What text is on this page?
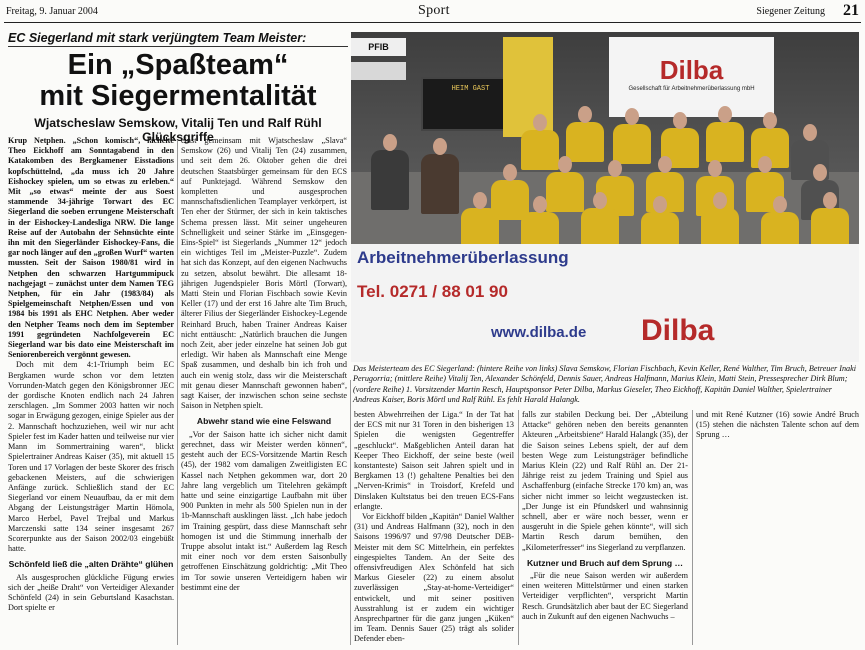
Freitag, 9. Januar 2004	Sport	Siegener Zeitung 21
EC Siegerland mit stark verjüngtem Team Meister:
Ein „Spaßteam“
mit Siegermentalität
Wjatscheslaw Semskow, Vitalij Ten und Ralf Rühl Glücksgriffe

Krup Netphen. „Schon komisch“, lächelte Theo Eickhoff am Sonntagabend in den Katakomben des Bergkamener Eisstadions kopfschüttelnd, „da muss ich 20 Jahre Eishockey spielen, um so etwas zu erleben.“ Mit „so etwas“ meinte der aus Soest stammende 34-jährige Torwart des EC Siegerland die soeben errungene Meisterschaft in der Eishockey-Landesliga NRW. Die lange Reise auf der Autobahn der Sehnsüchte einte ihn mit den Siegerländer Eishockey-Fans, die gar noch länger auf den „großen Wurf“ warten mussten. Seit der Saison 1980/81 wird in Netphen den schwarzen Hartgummipuck nachgejagt – zunächst unter dem Namen TEG Netphen, für ein Jahr (1983/84) als Spielgemeinschaft Netphen/Essen und von 1984 bis 1991 als EHC Netphen. Aber weder den Netpher Teams noch dem im September 1991 gegründeten Nachfolgeverein EC Siegerland war bis dato eine Meisterschaft im Seniorenbereich vergönnt gewesen.

Doch mit dem 4:1-Triumph beim EC Bergkamen wurde schon vor dem letzten Vorrunden-Match gegen den Königsbronner JEC der gordische Knoten endlich nach 24 Jahren zerschlagen. „Im Sommer 2003 hatten wir noch sogar in Erwägung gezogen, einige Spieler aus der 2. Mannschaft hochzuziehen, weil wir nur acht Spieler fest im Kader hatten und teilweise nur vier Mann im Sommertraining waren“, blickt Spielertrainer Andreas Kaiser (35), mit aktuell 15 Toren und 17 Vorlagen der beste Skorer des frisch gebackenen Meisters, auf die schwierigen Anfänge zurück. Schließlich stand der EC Siegerland vor einem Neuaufbau, da er mit dem Abgang der Leistungsträger Martin Hömola, Marco Herbel, Pavel Trejbal und Markus Marczenski satte 134 seiner insgesamt 267 Scorerpunkte aus der Saison 2002/03 eingebüßt hatte.

Schönfeld ließ die „alten Drähte“ glühen

Als ausgesprochen glückliche Fügung erwies sich der „heiße Draht“ von Verteidiger Alexander Schönfeld (24) in sein Geburtsland Kasachstan. Dort spielte er

einst gemeinsam mit Wjatscheslaw „Slava“ Semskow (26) und Vitalij Ten (24) zusammen, und seit dem 26. Oktober gehen die drei deutschen Staatsbürger gemeinsam für den ECS auf Punktejagd. Während Semskow den kompletten und ausgesprochen mannschaftsdienlichen Teamplayer verkörpert, ist Ten eher der Stürmer, der sich in kein taktisches Schema pressen lässt. Mit seiner ungeheuren Schnelligkeit und seiner Stärke im „Einsgegen-Eins-Spiel“ ist Siegerlands „Nummer 12“ jedoch ein wichtiges Teil im „Meister-Puzzle“. Zudem hat sich das Konzept, auf den eigenen Nachwuchs zu setzen, absolut bewährt. Die allesamt 18-jährigen Jugendspieler Boris Mörtl (Torwart), Matti Stein und Florian Fischbach sowie Kevin Keller (17) und der erst 16 Jahre alte Tim Bruch, älterer Filius der Siegerländer Eishockey-Legende Reinhard Bruch, haben Trainer Andreas Kaiser nicht enttäuscht: „Natürlich brauchen die Jungen noch Zeit, aber jeder einzelne hat seinen Job gut erledigt. Wir haben als Mannschaft eine Menge Spaß zusammen, und deshalb bin ich froh und auch ein wenig stolz, dass wir die Meisterschaft mit genau dieser Mannschaft gewonnen haben“, sagt Kaiser, der inzwischen schon seine sechste Saison in Netphen spielt.

Abwehr stand wie eine Felswand

„Vor der Saison hatte ich sicher nicht damit gerechnet, dass wir Meister werden können“, gesteht auch der ECS-Vorsitzende Martin Resch (45), der 1982 vom damaligen Zweitligisten EC Kassel nach Netphen gekommen war, dort 20 Jahre lang vergeblich um Titelehren gekämpft hatte und seine einzigartige Laufbahn mit über 900 Punkten in mehr als 500 Spielen nun in der 1b-Mannschaft ausklingen lässt. „Ich habe jedoch im Training gespürt, dass diese Mannschaft sehr homogen ist und die Stimmung innerhalb der Truppe absolut intakt ist.“ Außerdem lag Resch mit einer noch vor dem ersten Saisonbully getroffenen Einschätzung goldrichtig: „Mit Theo im Tor sowie unseren Verteidigern haben wir bestimmt eine der

PFIB
HEIM GAST
Dilba
Gesellschaft für Arbeitnehmerüberlassung mbH
Arbeitnehmerüberlassung
Tel. 0271 / 88 01 90
www.dilba.de Dilba
Das Meisterteam des EC Siegerland: (hintere Reihe von links) Slava Semskow, Florian Fischbach, Kevin Keller, René Walther, Tim Bruch, Betreuer Inaki Perugorria; (mittlere Reihe) Vitalij Ten, Alexander Schönfeld, Dennis Sauer, Andreas Halfmann, Marius Klein, Matti Stein, Pressesprecher Dirk Blum; (vordere Reihe) 1. Vorsitzender Martin Resch, Hauptsponsor Peter Dilba, Markus Gieseler, Theo Eickhoff, Kapitän Daniel Walther, Spielertrainer Andreas Kaiser, Boris Mörtl und Ralf Rühl. Es fehlt Harald Halangk.

besten Abwehrreihen der Liga.“ In der Tat hat der ECS mit nur 31 Toren in den bisherigen 13 Spielen die wenigsten Gegentreffer „geschluckt“. Maßgeblichen Anteil daran hat Keeper Theo Eickhoff, der seine beste (weil konstanteste) Saison seit Jahren spielt und in Bergkamen 13 (!) gehaltene Penalties bei den „Nerven-Krimis“ in Troisdorf, Krefeld und Dinslaken Kultstatus bei den treuen ECS-Fans erlangte.

Vor Eickhoff bilden „Kapitän“ Daniel Walther (31) und Andreas Halfmann (32), noch in den Saisons 1996/97 und 97/98 Deutscher DEB-Meister mit dem SC Mittelrhein, ein perfektes eingespieltes Tandem. An der Seite des offensivfreudigen Alex Schönfeld hat sich Markus Gieseler (22) zu einem absolut zuverlässigen „Stay-at-home-Verteidiger“ entwickelt, und mit seiner positiven Ausstrahlung ist er zudem ein wichtiger Ansprechpartner für die ganz jungen „Küken“ im Team. Dennis Sauer (25) trägt als solider Defender eben-

falls zur stabilen Deckung bei. Der „Abteilung Attacke“ gehören neben den bereits genannten Akteuren „Arbeitsbiene“ Harald Halangk (35), der die Saison seines Lebens spielt, der auf dem besten Wege zum Leistungsträger befindliche Marius Klein (22) und Ralf Rühl an. Der 21-Jährige reist zu jedem Training und Spiel aus Aschaffenburg (einfache Strecke 170 km) an, was sicher nicht immer so leicht wegzustecken ist. „Der Junge ist ein Pfundskerl und wahnsinnig schnell, aber er wäre noch besser, wenn er ausgeruht in die Spiele gehen könnte“, will sich Martin Resch darum bemühen, den „Kilometerfresser“ ins Siegerland zu verpflanzen.

Kutzner und Bruch auf dem Sprung …

„Für die neue Saison werden wir außerdem einen weiteren Mittelstürmer und einen starken Verteidiger verpflichten“, verspricht Martin Resch. Grundsätzlich aber baut der EC Siegerland auch in Zukunft auf den eigenen Nachwuchs –

und mit René Kutzner (16) sowie André Bruch (15) stehen die nächsten Talente schon auf dem Sprung …
